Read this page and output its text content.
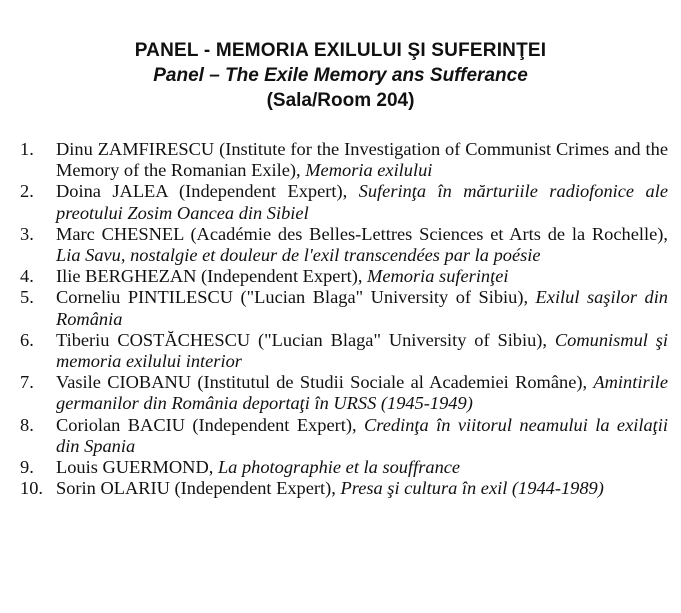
PANEL - MEMORIA EXILULUI ŞI SUFERINŢEI
Panel – The Exile Memory ans Sufferance
(Sala/Room 204)
1.	Dinu ZAMFIRESCU (Institute for the Investigation of Communist Crimes and the Memory of the Romanian Exile), Memoria exilului
2.	Doina JALEA (Independent Expert), Suferinţa în mărturiile radiofonice ale preotului Zosim Oancea din Sibiel
3.	Marc CHESNEL (Académie des Belles-Lettres Sciences et Arts de la Rochelle), Lia Savu, nostalgie et douleur de l'exil transcendées par la poésie
4.	Ilie BERGHEZAN (Independent Expert), Memoria suferinţei
5.	Corneliu PINTILESCU ("Lucian Blaga" University of Sibiu), Exilul saşilor din România
6.	Tiberiu COSTĂCHESCU ("Lucian Blaga" University of Sibiu), Comunismul şi memoria exilului interior
7.	Vasile CIOBANU (Institutul de Studii Sociale al Academiei Române), Amintirile germanilor din România deportaţi în URSS (1945-1949)
8.	Coriolan BACIU (Independent Expert), Credinţa în viitorul neamului la exilaţii din Spania
9.	Louis GUERMOND, La photographie et la souffrance
10. Sorin OLARIU (Independent Expert), Presa şi cultura în exil (1944-1989)
